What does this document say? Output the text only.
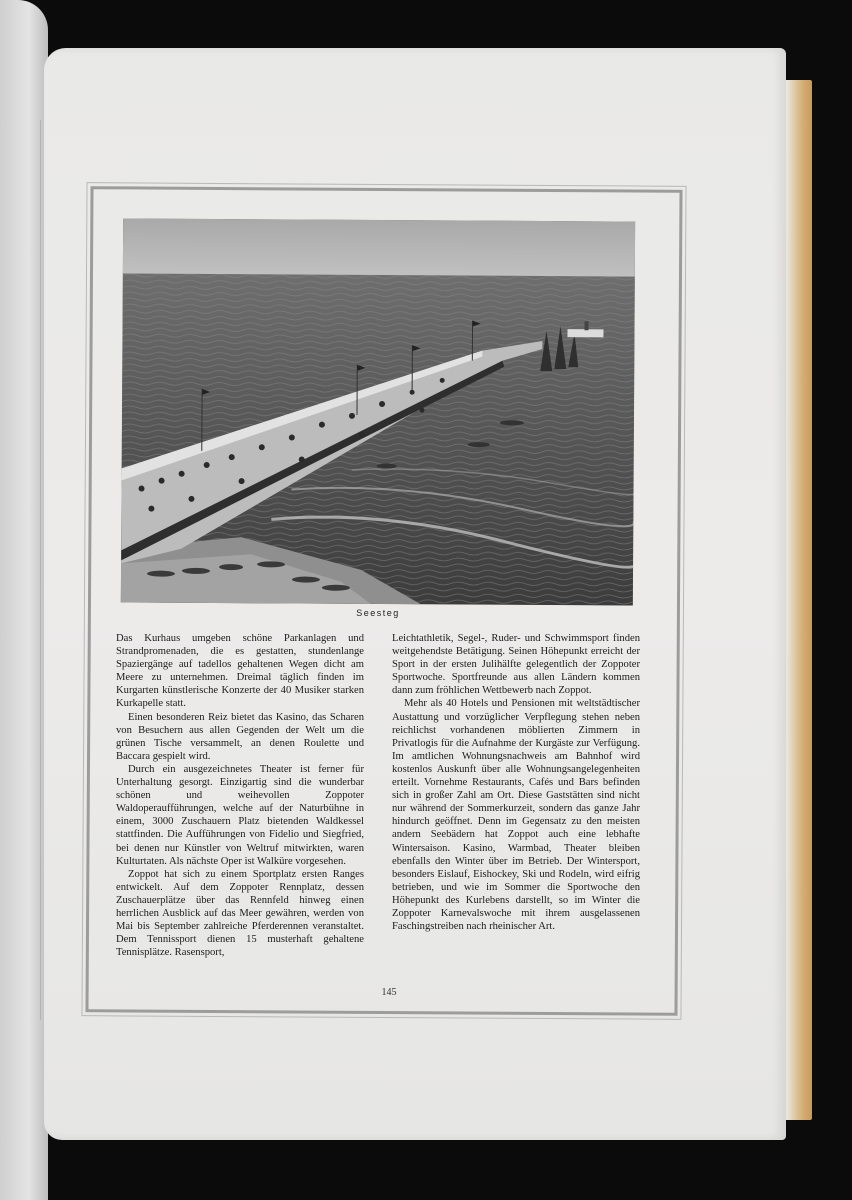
Seesteg

Das Kurhaus umgeben schöne Parkanlagen und Strandpromenaden, die es gestatten, stundenlange Spaziergänge auf tadellos gehaltenen Wegen dicht am Meere zu unternehmen. Dreimal täglich finden im Kurgarten künstlerische Konzerte der 40 Musiker starken Kurkapelle statt.

Einen besonderen Reiz bietet das Kasino, das Scharen von Besuchern aus allen Gegenden der Welt um die grünen Tische versammelt, an denen Roulette und Baccara gespielt wird.

Durch ein ausgezeichnetes Theater ist ferner für Unterhaltung gesorgt. Einzigartig sind die wunderbar schönen und weihevollen Zoppoter Waldoperaufführungen, welche auf der Naturbühne in einem, 3000 Zuschauern Platz bietenden Waldkessel stattfinden. Die Aufführungen von Fidelio und Siegfried, bei denen nur Künstler von Weltruf mitwirkten, waren Kulturtaten. Als nächste Oper ist Walküre vorgesehen.

Zoppot hat sich zu einem Sportplatz ersten Ranges entwickelt. Auf dem Zoppoter Rennplatz, dessen Zuschauerplätze über das Rennfeld hinweg einen herrlichen Ausblick auf das Meer gewähren, werden von Mai bis September zahlreiche Pferderennen veranstaltet. Dem Tennissport dienen 15 musterhaft gehaltene Tennisplätze. Rasensport,

Leichtathletik, Segel-, Ruder- und Schwimmsport finden weitgehendste Betätigung. Seinen Höhepunkt erreicht der Sport in der ersten Julihälfte gelegentlich der Zoppoter Sportwoche. Sportfreunde aus allen Ländern kommen dann zum fröhlichen Wettbewerb nach Zoppot.

Mehr als 40 Hotels und Pensionen mit weltstädtischer Austattung und vorzüglicher Verpflegung stehen neben reichlichst vorhandenen möblierten Zimmern in Privatlogis für die Aufnahme der Kurgäste zur Verfügung. Im amtlichen Wohnungsnachweis am Bahnhof wird kostenlos Auskunft über alle Wohnungsangelegenheiten erteilt. Vornehme Restaurants, Cafés und Bars befinden sich in großer Zahl am Ort. Diese Gaststätten sind nicht nur während der Sommerkurzeit, sondern das ganze Jahr hindurch geöffnet. Denn im Gegensatz zu den meisten andern Seebädern hat Zoppot auch eine lebhafte Wintersaison. Kasino, Warmbad, Theater bleiben ebenfalls den Winter über im Betrieb. Der Wintersport, besonders Eislauf, Eishockey, Ski und Rodeln, wird eifrig betrieben, und wie im Sommer die Sportwoche den Höhepunkt des Kurlebens darstellt, so im Winter die Zoppoter Karnevalswoche mit ihrem ausgelassenen Faschingstreiben nach rheinischer Art.

145
